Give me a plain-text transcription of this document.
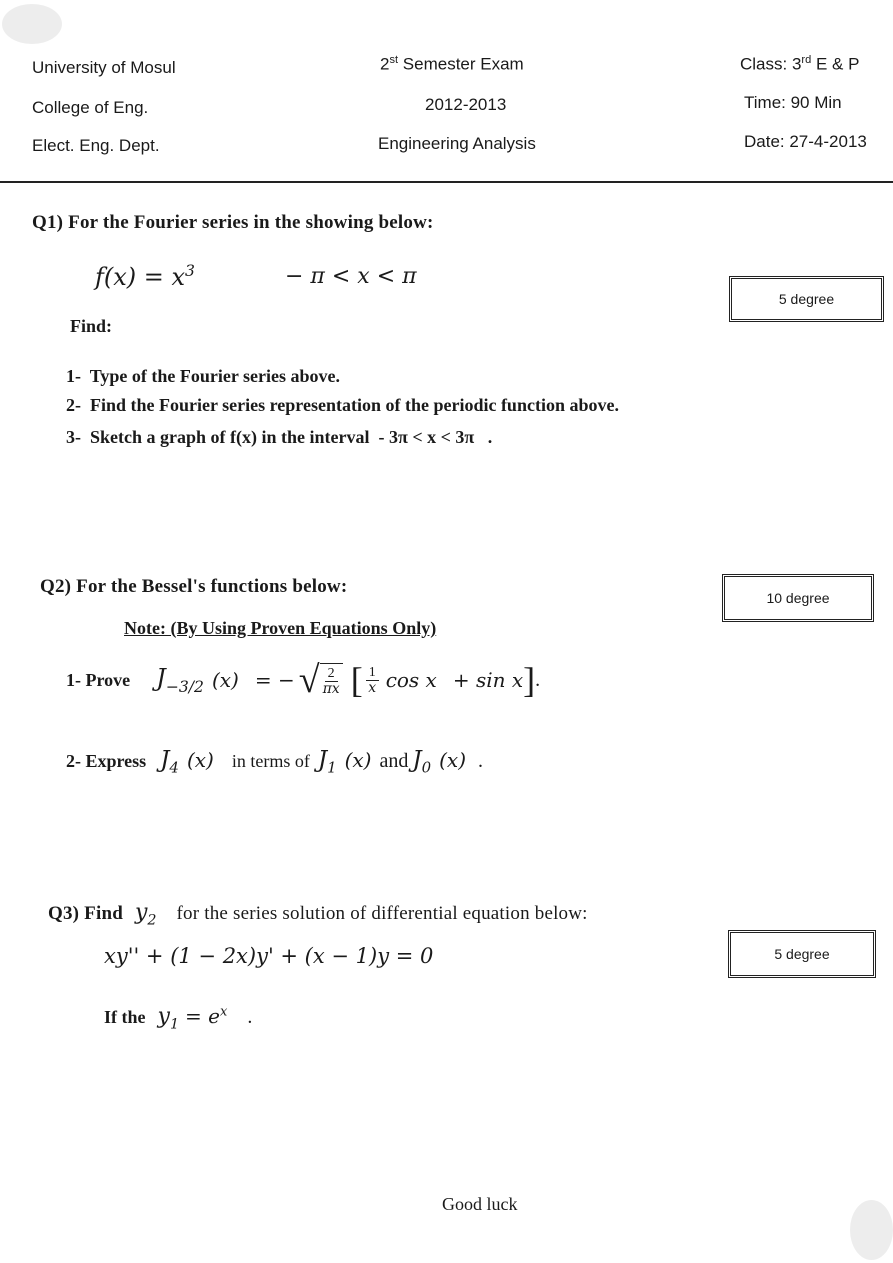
University of Mosul
College of Eng.
Elect. Eng. Dept.
2st Semester Exam
2012-2013
Engineering Analysis
Class: 3rd E & P
Time: 90 Min
Date: 27-4-2013
Q1) For the Fourier series in the showing below:
$f(x) = x^3$	− π < x < π
5 degree
Find:
1- Type of the Fourier series above.
2- Find the Fourier series representation of the periodic function above.
3- Sketch a graph of f(x) in the interval - 3π < x < 3π .
Q2) For the Bessel's functions below:
10 degree
Note: (By Using Proven Equations Only)
1- Prove $J_{-3/2}$ (x) = − √ $\frac{2}{\pi x}$ [ $\frac{1}{x}$ cos x + sin x ] .
2- Express $J_4$ (x) in terms of $J_1$ (x) and $J_0$ (x) .
Q3) Find $y_2$ for the series solution of differential equation below:
5 degree
xy'' + (1 − 2x)y' + (x − 1)y = 0
If the $y_1 = e^x$ .
Good luck
